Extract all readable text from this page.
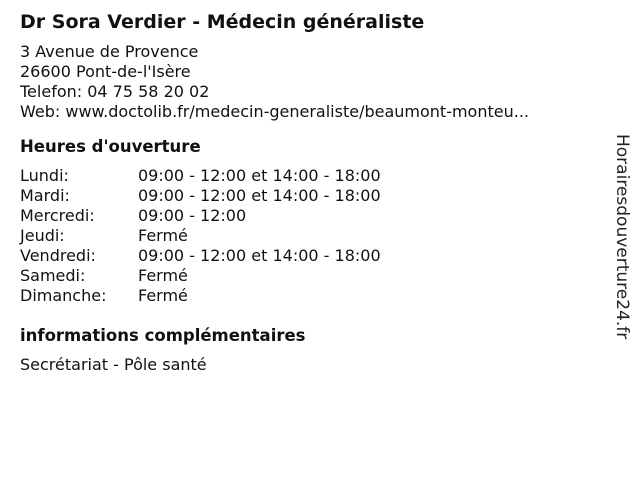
Dr Sora Verdier - Médecin généraliste
3 Avenue de Provence
26600 Pont-de-l'Isère
Telefon: 04 75 58 20 02
Web: www.doctolib.fr/medecin-generaliste/beaumont-monteu...
Heures d'ouverture
Lundi:	09:00 - 12:00 et 14:00 - 18:00
Mardi:	09:00 - 12:00 et 14:00 - 18:00
Mercredi:	09:00 - 12:00
Jeudi:	Fermé
Vendredi:	09:00 - 12:00 et 14:00 - 18:00
Samedi:	Fermé
Dimanche:	Fermé
informations complémentaires
Secrétariat - Pôle santé
Horairesdouverture24.fr
